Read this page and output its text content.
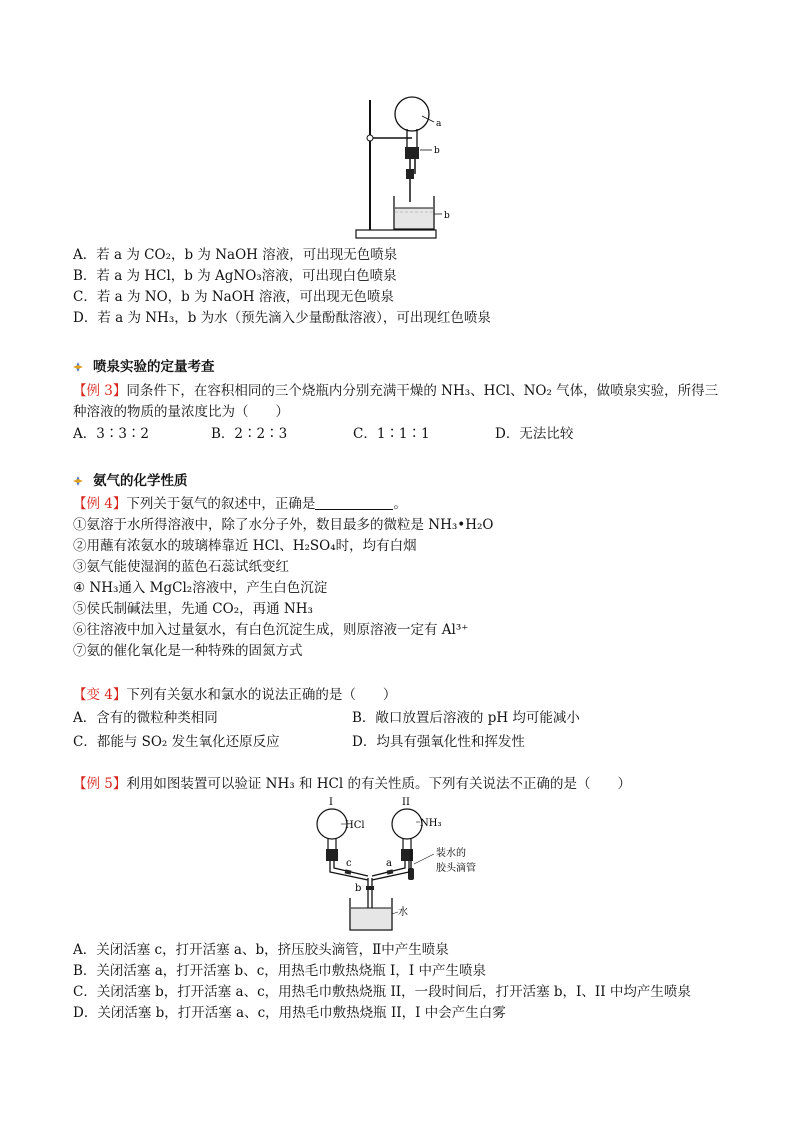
a
b
b
A．若 a 为 CO₂，b 为 NaOH 溶液，可出现无色喷泉
B．若 a 为 HCl，b 为 AgNO₃溶液，可出现白色喷泉
C．若 a 为 NO，b 为 NaOH 溶液，可出现无色喷泉
D．若 a 为 NH₃，b 为水（预先滴入少量酚酞溶液），可出现红色喷泉
喷泉实验的定量考查
【例 3】同条件下，在容积相同的三个烧瓶内分别充满干燥的 NH₃、HCl、NO₂ 气体，做喷泉实验，所得三
种溶液的物质的量浓度比为（　　）
A．3∶3∶2	B．2∶2∶3	C．1∶1∶1	D．无法比较
氨气的化学性质
【例 4】下列关于氨气的叙述中，正确是	。
①氨溶于水所得溶液中，除了水分子外，数目最多的微粒是 NH₃•H₂O
②用蘸有浓氨水的玻璃棒靠近 HCl、H₂SO₄时，均有白烟
③氨气能使湿润的蓝色石蕊试纸变红
④ NH₃通入 MgCl₂溶液中，产生白色沉淀
⑤侯氏制碱法里，先通 CO₂，再通 NH₃
⑥往溶液中加入过量氨水，有白色沉淀生成，则原溶液一定有 Al³⁺
⑦氨的催化氧化是一种特殊的固氮方式
【变 4】下列有关氨水和氯水的说法正确的是（　　）
A．含有的微粒种类相同	B．敞口放置后溶液的 pH 均可能减小
C．都能与 SO₂ 发生氧化还原反应	D．均具有强氧化性和挥发性
【例 5】利用如图装置可以验证 NH₃ 和 HCl 的有关性质。下列有关说法不正确的是（　　）
I	II
HCl	NH₃
装水的
胶头滴管
c	a
b
水
A．关闭活塞 c，打开活塞 a、b，挤压胶头滴管，Ⅱ中产生喷泉
B．关闭活塞 a，打开活塞 b、c，用热毛巾敷热烧瓶 I，I 中产生喷泉
C．关闭活塞 b，打开活塞 a、c，用热毛巾敷热烧瓶 II，一段时间后，打开活塞 b，I、II 中均产生喷泉
D．关闭活塞 b，打开活塞 a、c，用热毛巾敷热烧瓶 II，I 中会产生白雾
